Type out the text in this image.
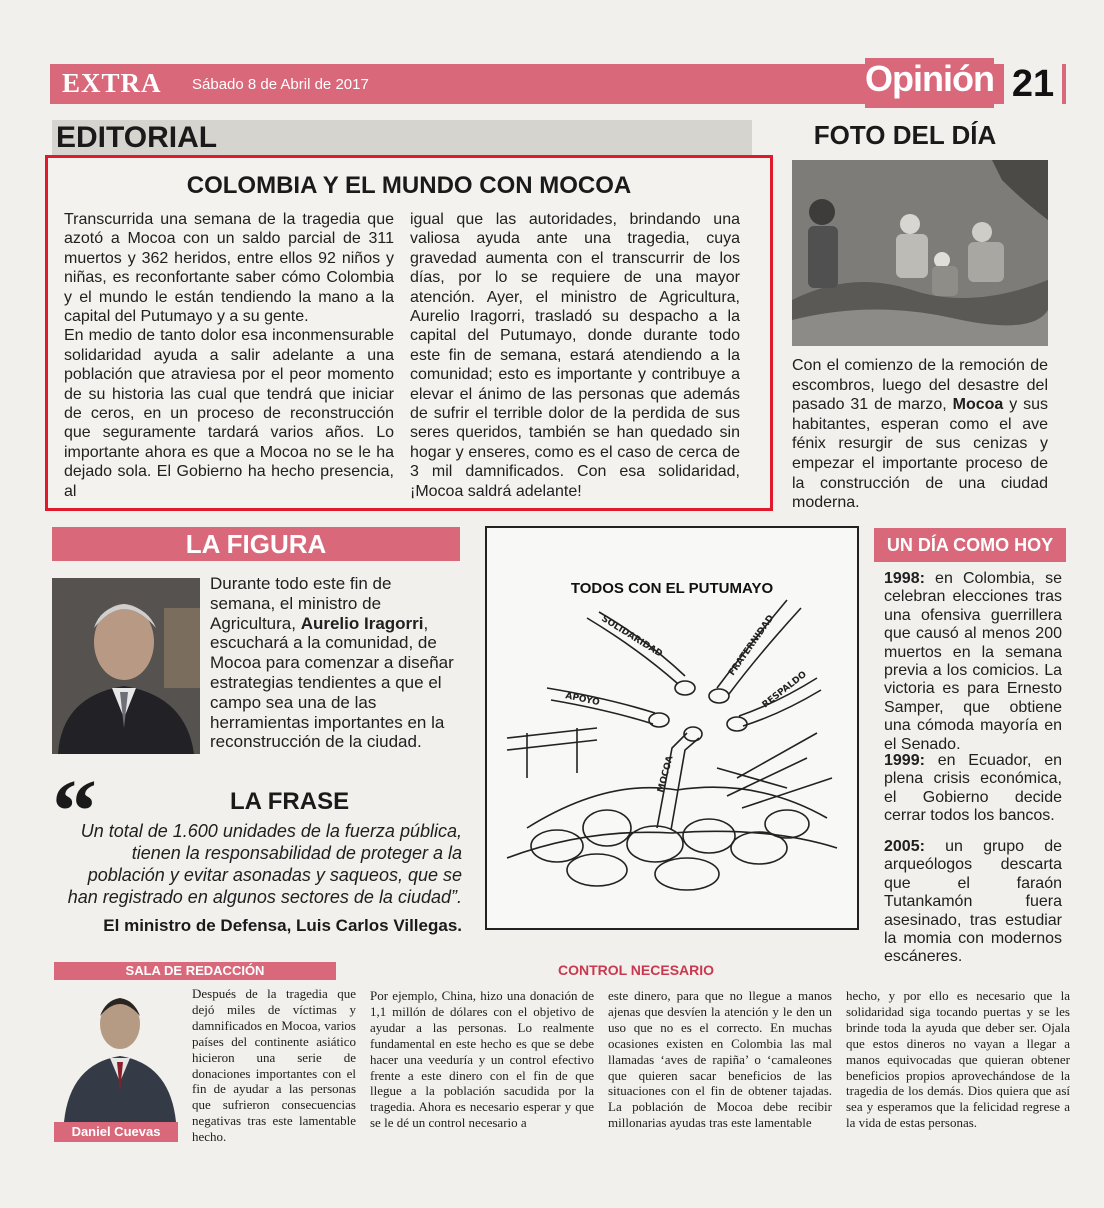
EXTRA Sábado 8 de Abril de 2017	Opinión 21
EDITORIAL
COLOMBIA Y EL MUNDO CON MOCOA

Transcurrida una semana de la tragedia que azotó a Mocoa con un saldo parcial de 311 muertos y 362 heridos, entre ellos 92 niños y niñas, es reconfortante saber cómo Colombia y el mundo le están tendiendo la mano a la capital del Putumayo y a su gente.

En medio de tanto dolor esa inconmensurable solidaridad ayuda a salir adelante a una población que atraviesa por el peor momento de su historia las cual que tendrá que iniciar de ceros, en un proceso de reconstrucción que seguramente tardará varios años. Lo importante ahora es que a Mocoa no se le ha dejado sola. El Gobierno ha hecho presencia, al

igual que las autoridades, brindando una valiosa ayuda ante una tragedia, cuya gravedad aumenta con el transcurrir de los días, por lo se requiere de una mayor atención. Ayer, el ministro de Agricultura, Aurelio Iragorri, trasladó su despacho a la capital del Putumayo, donde durante todo este fin de semana, estará atendiendo a la comunidad; esto es importante y contribuye a elevar el ánimo de las personas que además de sufrir el terrible dolor de la perdida de sus seres queridos, también se han quedado sin hogar y enseres, como es el caso de cerca de 3 mil damnificados. Con esa solidaridad, ¡Mocoa saldrá adelante!

FOTO DEL DÍA
Con el comienzo de la remoción de escombros, luego del desastre del pasado 31 de marzo, Mocoa y sus habitantes, esperan como el ave fénix resurgir de sus cenizas y empezar el importante proceso de la construcción de una ciudad moderna.
LA FIGURA
Durante todo este fin de semana, el ministro de Agricultura, Aurelio Iragorri, escuchará a la comunidad, de Mocoa para comenzar a diseñar estrategias tendientes a que el campo sea una de las herramientas importantes en la reconstrucción de la ciudad.
“	LA FRASE
Un total de 1.600 unidades de la fuerza pública, tienen la responsabilidad de proteger a la población y evitar asonadas y saqueos, que se han registrado en algunos sectores de la ciudad”.
El ministro de Defensa, Luis Carlos Villegas.
TODOS CON EL PUTUMAYO
SOLIDARIDAD	FRATERNIDAD
APOYO	RESPALDO
MOCOA
UN DÍA COMO HOY
1998: en Colombia, se celebran elecciones tras una ofensiva guerrillera que causó al menos 200 muertos en la semana previa a los comicios. La victoria es para Ernesto Samper, que obtiene una cómoda mayoría en el Senado.
1999: en Ecuador, en plena crisis económica, el Gobierno decide cerrar todos los bancos.
2005: un grupo de arqueólogos descarta que el faraón Tutankamón fuera asesinado, tras estudiar la momia con modernos escáneres.
SALA DE REDACCIÓN
Daniel Cuevas
CONTROL NECESARIO
Después de la tragedia que dejó miles de víctimas y damnificados en Mocoa, varios países del continente asiático hicieron una serie de donaciones importantes con el fin de ayudar a las personas que sufrieron consecuencias negativas tras este lamentable hecho.
Por ejemplo, China, hizo una donación de 1,1 millón de dólares con el objetivo de ayudar a las personas. Lo realmente fundamental en este hecho es que se debe hacer una veeduría y un control efectivo frente a este dinero con el fin de que llegue a la población sacudida por la tragedia. Ahora es necesario esperar y que se le dé un control necesario a
este dinero, para que no llegue a manos ajenas que desvíen la atención y le den un uso que no es el correcto. En muchas ocasiones existen en Colombia las mal llamadas ‘aves de rapiña’ o ‘camaleones que quieren sacar beneficios de las situaciones con el fin de obtener tajadas. La población de Mocoa debe recibir millonarias ayudas tras este lamentable
hecho, y por ello es necesario que la solidaridad siga tocando puertas y se les brinde toda la ayuda que deber ser. Ojala que estos dineros no vayan a llegar a manos equivocadas que quieran obtener beneficios propios aprovechándose de la tragedia de los demás. Dios quiera que así sea y esperamos que la felicidad regrese a la vida de estas personas.
